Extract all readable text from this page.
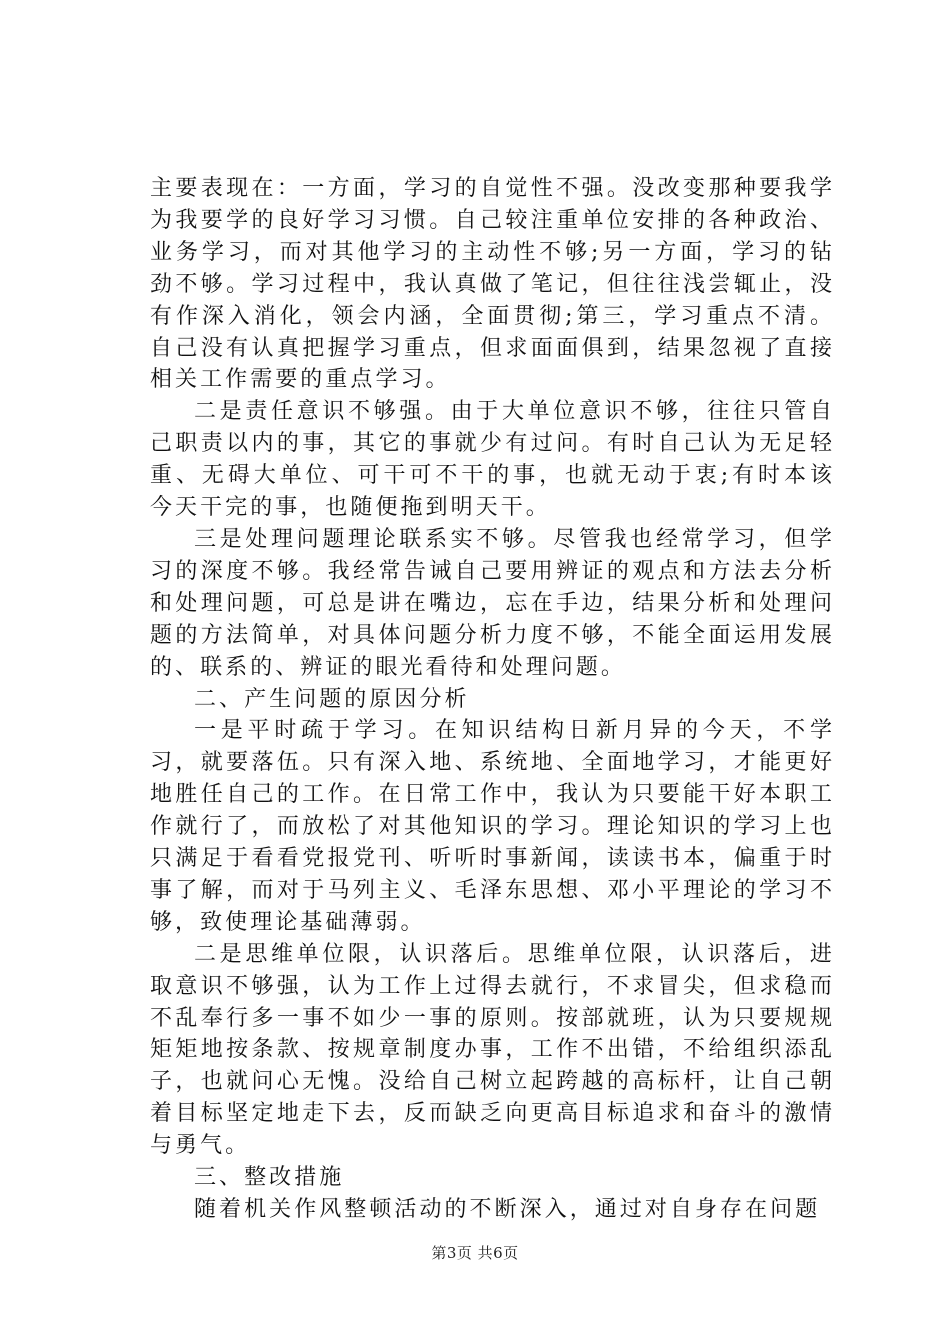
主要表现在：一方面，学习的自觉性不强。没改变那种要我学为我要学的良好学习习惯。自己较注重单位安排的各种政治、业务学习，而对其他学习的主动性不够;另一方面，学习的钻劲不够。学习过程中，我认真做了笔记，但往往浅尝辄止，没有作深入消化，领会内涵，全面贯彻;第三，学习重点不清。自己没有认真把握学习重点，但求面面俱到，结果忽视了直接相关工作需要的重点学习。

二是责任意识不够强。由于大单位意识不够，往往只管自己职责以内的事，其它的事就少有过问。有时自己认为无足轻重、无碍大单位、可干可不干的事，也就无动于衷;有时本该今天干完的事，也随便拖到明天干。

三是处理问题理论联系实不够。尽管我也经常学习，但学习的深度不够。我经常告诫自己要用辨证的观点和方法去分析和处理问题，可总是讲在嘴边，忘在手边，结果分析和处理问题的方法简单，对具体问题分析力度不够，不能全面运用发展的、联系的、辨证的眼光看待和处理问题。

二、产生问题的原因分析

一是平时疏于学习。在知识结构日新月异的今天，不学习，就要落伍。只有深入地、系统地、全面地学习，才能更好地胜任自己的工作。在日常工作中，我认为只要能干好本职工作就行了，而放松了对其他知识的学习。理论知识的学习上也只满足于看看党报党刊、听听时事新闻，读读书本，偏重于时事了解，而对于马列主义、毛泽东思想、邓小平理论的学习不够，致使理论基础薄弱。

二是思维单位限，认识落后。思维单位限，认识落后，进取意识不够强，认为工作上过得去就行，不求冒尖，但求稳而不乱奉行多一事不如少一事的原则。按部就班，认为只要规规矩矩地按条款、按规章制度办事，工作不出错，不给组织添乱子，也就问心无愧。没给自己树立起跨越的高标杆，让自己朝着目标坚定地走下去，反而缺乏向更高目标追求和奋斗的激情与勇气。

三、整改措施

随着机关作风整顿活动的不断深入，通过对自身存在问题

第3页 共6页
